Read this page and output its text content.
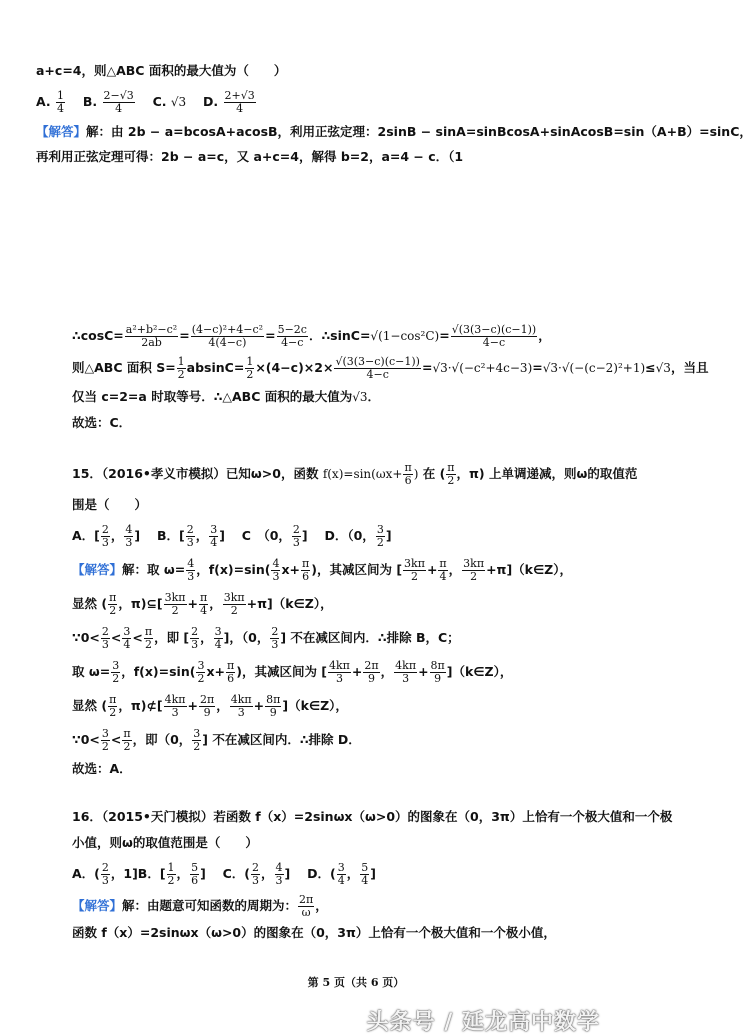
a+c=4，则△ABC 面积的最大值为（　　）
A. $\frac{1}{4}$ 　 B. $\frac{2-√3}{4}$ 　 C. √3　 D. $\frac{2+√3}{4}$
【解答】解：由 2b − a=bcosA+acosB，利用正弦定理：2sinB − sinA=sinBcosA+sinAcosB=sin（A+B）=sinC，
再利用正弦定理可得：2b − a=c，又 a+c=4，解得 b=2，a=4 − c．（1
∴cosC= $\frac{\text{a²+b²−c²}}{2ab} = \frac{\text{(4−c)²+4−c²}}{4(4-c)} = \frac{5-2c}{4-c}$ ．∴sinC=√(1−cos²C)= $\frac{√(3(3-c)(c-1))}{4-c}$ ，
则△ABC 面积 $S= \frac{1}{2} absinC= \frac{1}{2} \times(4-c)\times 2\times \frac{√(3(3-c)(c-1))}{4-c} =√3\cdot√(-c^2+4c-3)=√3\cdot√(-(c-2)^2+1)\le√3$，当且
仅当 c=2=a 时取等号．∴△ABC 面积的最大值为√3．
故选：C．
15．（2016•孝义市模拟）已知ω>0，函数 $f(x)=\sin(\omega x+ \frac{\pi}{6}$ ) 在 ( $\frac{\pi}{2}$ ，π) 上单调递减，则ω的取值范
围是（　　）
A．[ $\frac{2}{3}$ ， $\frac{4}{3}$ ]　 B．[ $\frac{2}{3}$ ， $\frac{3}{4}$ ]　 C　（0， $\frac{2}{3}$ ]　 D．（0， $\frac{3}{2}$ ]
【解答】解：取 $\omega= \frac{4}{3}$ ，$f(x)=\sin( \frac{4}{3} x+ \frac{\pi}{6}$ )，其减区间为 [ $\frac{3k\pi}{2} + \frac{\pi}{4}$ ， $\frac{3k\pi}{2}$ +π]（k∈Z），
显然 ( $\frac{\pi}{2}$ ，π)⊆[ $\frac{3k\pi}{2} + \frac{\pi}{4}$ ， $\frac{3k\pi}{2}$ +π]（k∈Z），
∵0< $\frac{2}{3} < \frac{3}{4} < \frac{\pi}{2}$ ，即 [ $\frac{2}{3}$ ， $\frac{3}{4}$ ]，（0， $\frac{2}{3}$ ] 不在减区间内．∴排除 B，C；
取 $\omega= \frac{3}{2}$ ，$f(x)=\sin( \frac{3}{2} x+ \frac{\pi}{6}$ )，其减区间为 [ $\frac{4k\pi}{3} + \frac{2\pi}{9}$ ， $\frac{4k\pi}{3} + \frac{8\pi}{9}$ ]（k∈Z），
显然 ( $\frac{\pi}{2}$ ，π)⊄[ $\frac{4k\pi}{3} + \frac{2\pi}{9}$ ， $\frac{4k\pi}{3} + \frac{8\pi}{9}$ ]（k∈Z），
∵0< $\frac{3}{2} < \frac{\pi}{2}$ ，即（0， $\frac{3}{2}$ ] 不在减区间内．∴排除 D．
故选：A．
16．（2015•天门模拟）若函数 f（x）=2sinωx（ω>0）的图象在（0，3π）上恰有一个极大值和一个极
小值，则ω的取值范围是（　　）
A．( $\frac{2}{3}$ ，1]B．[ $\frac{1}{2}$ ， $\frac{5}{6}$ ]　 C．( $\frac{2}{3}$ ， $\frac{4}{3}$ ]　 D．( $\frac{3}{4}$ ， $\frac{5}{4}$ ]
【解答】解：由题意可知函数的周期为： $\frac{2\pi}{\omega}$ ，
函数 f（x）=2sinωx（ω>0）的图象在（0，3π）上恰有一个极大值和一个极小值，
第 5 页（共 6 页）
头条号 / 延龙高中数学
